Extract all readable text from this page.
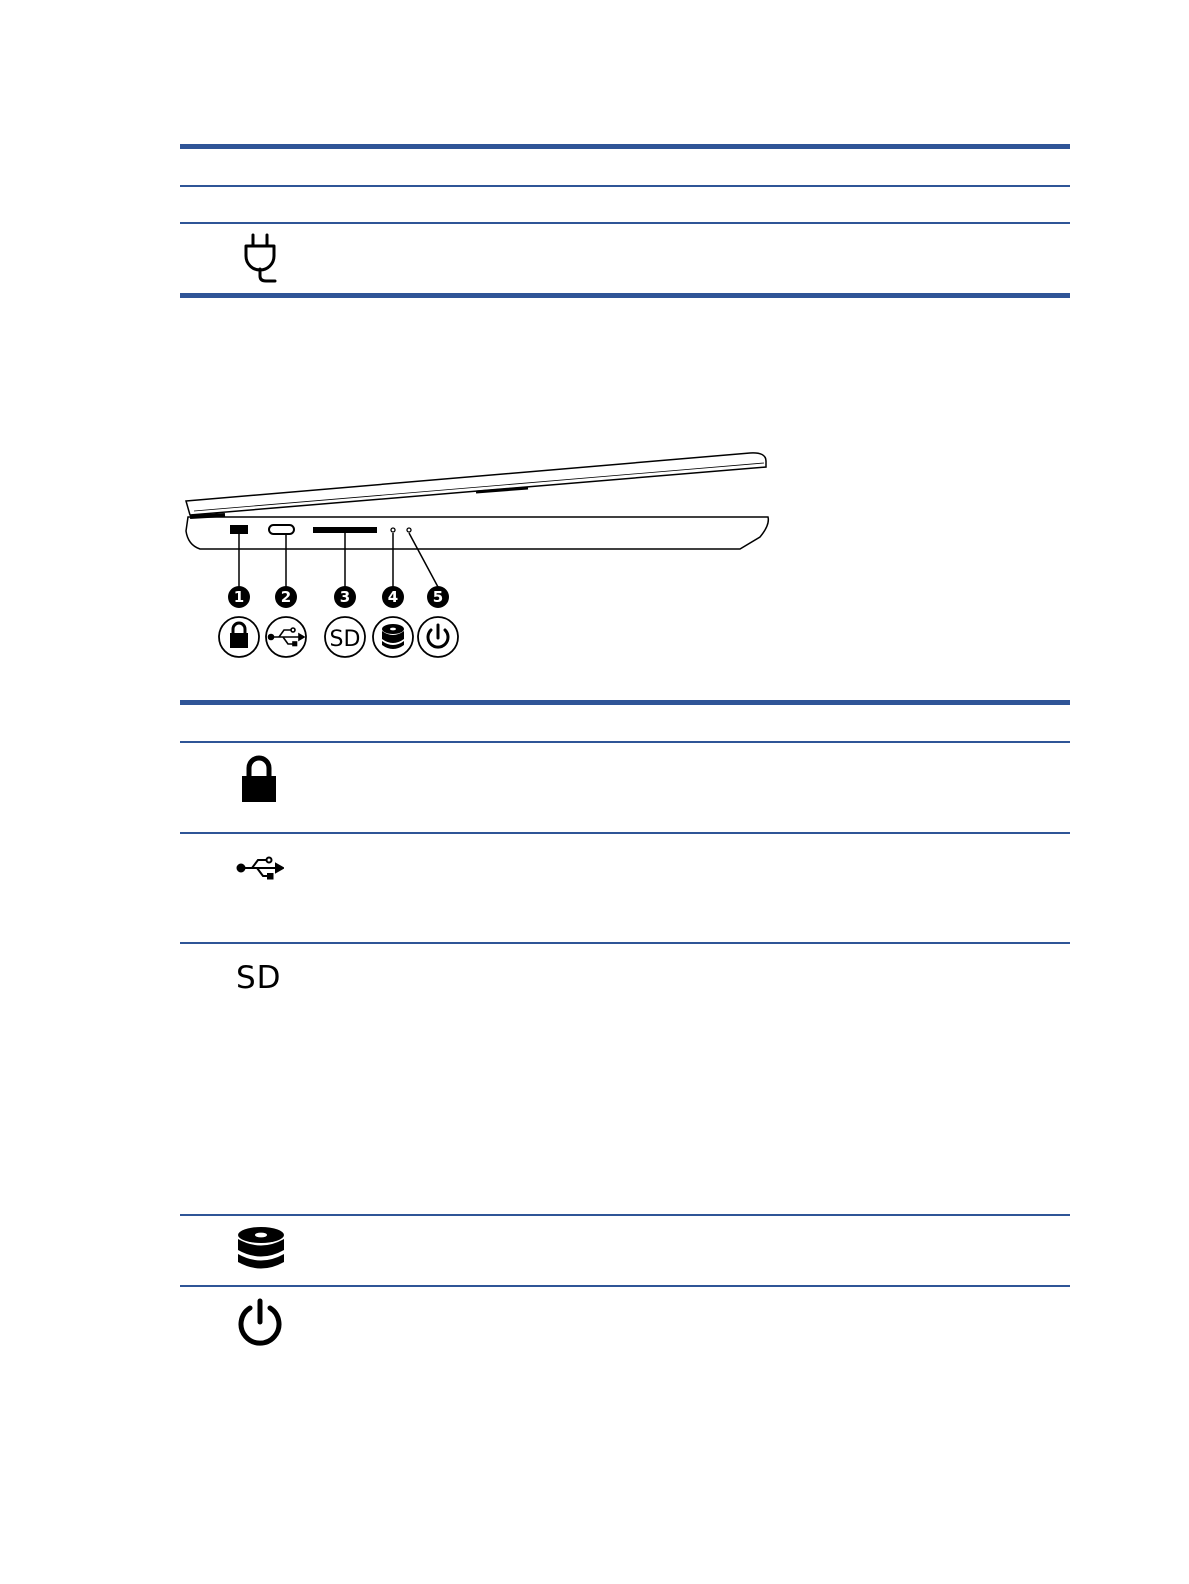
1 2	3	4 5
SD
SD
